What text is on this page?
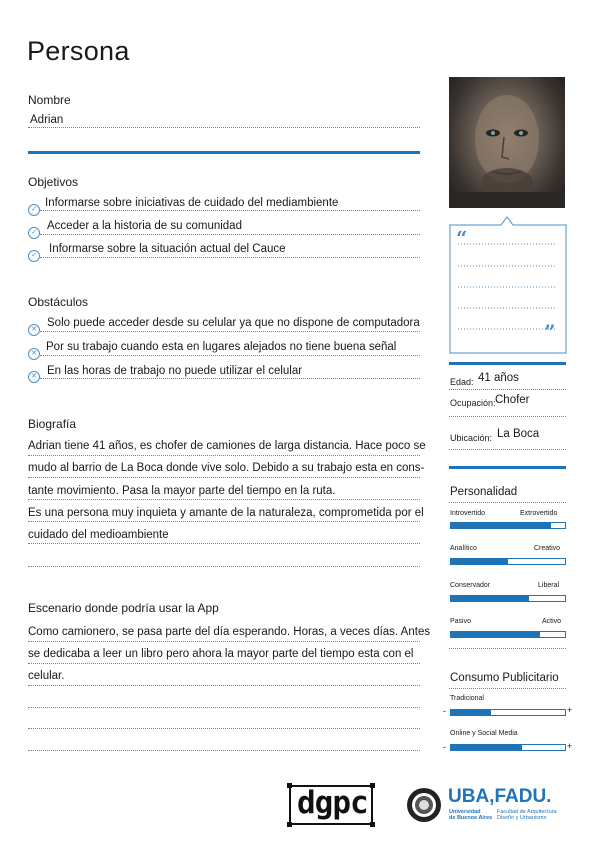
Persona
Nombre
Adrian
Objetivos
✓
Informarse sobre iniciativas de cuidado del mediambiente
✓
Acceder a la historia de su comunidad
✓
Informarse sobre la situación actual del Cauce
Obstáculos
✕
Solo puede acceder desde su celular ya que no dispone de computadora
✕
Por su trabajo cuando esta en lugares alejados no tiene buena señal
✕ En las horas de trabajo no puede utilizar el celular
Biografía
Adrian tiene 41 años, es chofer de camiones de larga distancia. Hace poco se
mudo al barrio de La Boca donde vive solo. Debido a su trabajo esta en cons-
tante movimiento. Pasa la mayor parte del tiempo en la ruta.
Es una persona muy inquieta y amante de la naturaleza, comprometida por el
cuidado del medioambiente
Escenario donde podría usar la App
Como camionero, se pasa parte del día esperando. Horas, a veces días. Antes
se dedicaba a leer un libro pero ahora la mayor parte del tiempo esta con el
celular.
“
”
Edad: 41 años
Ocupación: Chofer
Ubicación: La Boca
Personalidad
Introvertido	Extrovertido
Analítico	Creativo
Conservador	Liberal
Pasivo	Activo
Consumo Publicitario
Tradicional
-	+
Online y Social Media
-	+
dgpc	UBA,FADU.
Universidad
de Buenos Aires
Facultad de Arquitectura
Diseño y Urbanismo
